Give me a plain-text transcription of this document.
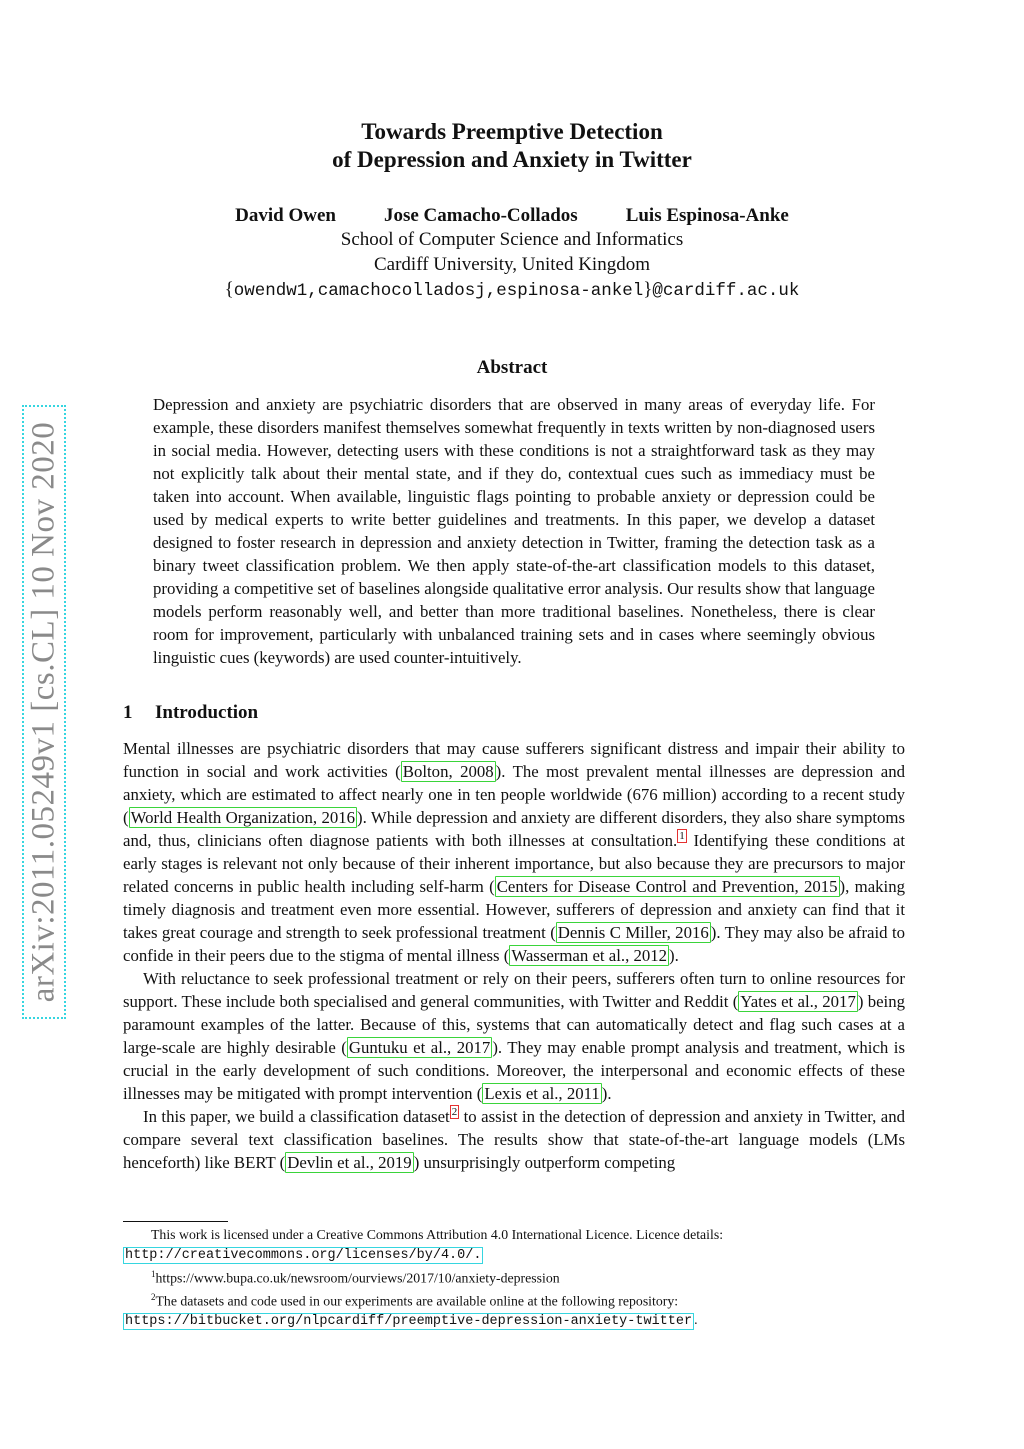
arXiv:2011.05249v1 [cs.CL] 10 Nov 2020
Towards Preemptive Detection
of Depression and Anxiety in Twitter
David Owen	Jose Camacho-Collados	Luis Espinosa-Anke
School of Computer Science and Informatics
Cardiff University, United Kingdom
{owendw1,camachocolladosj,espinosa-ankel}@cardiff.ac.uk
Abstract

Depression and anxiety are psychiatric disorders that are observed in many areas of everyday life. For example, these disorders manifest themselves somewhat frequently in texts written by non-diagnosed users in social media. However, detecting users with these conditions is not a straightforward task as they may not explicitly talk about their mental state, and if they do, contextual cues such as immediacy must be taken into account. When available, linguistic flags pointing to probable anxiety or depression could be used by medical experts to write better guidelines and treatments. In this paper, we develop a dataset designed to foster research in depression and anxiety detection in Twitter, framing the detection task as a binary tweet classification problem. We then apply state-of-the-art classification models to this dataset, providing a competitive set of baselines alongside qualitative error analysis. Our results show that language models perform reasonably well, and better than more traditional baselines. Nonetheless, there is clear room for improvement, particularly with unbalanced training sets and in cases where seemingly obvious linguistic cues (keywords) are used counter-intuitively.

1 Introduction

Mental illnesses are psychiatric disorders that may cause sufferers significant distress and impair their ability to function in social and work activities ( Bolton, 2008 ). The most prevalent mental illnesses are depression and anxiety, which are estimated to affect nearly one in ten people worldwide (676 million) according to a recent study ( World Health Organization, 2016 ). While depression and anxiety are different disorders, they also share symptoms and, thus, clinicians often diagnose patients with both illnesses at consultation. $^1$ Identifying these conditions at early stages is relevant not only because of their inherent importance, but also because they are precursors to major related concerns in public health including self-harm ( Centers for Disease Control and Prevention, 2015 ), making timely diagnosis and treatment even more essential. However, sufferers of depression and anxiety can find that it takes great courage and strength to seek professional treatment ( Dennis C Miller, 2016 ). They may also be afraid to confide in their peers due to the stigma of mental illness ( Wasserman et al., 2012 ).

With reluctance to seek professional treatment or rely on their peers, sufferers often turn to online resources for support. These include both specialised and general communities, with Twitter and Reddit ( Yates et al., 2017 ) being paramount examples of the latter. Because of this, systems that can automatically detect and flag such cases at a large-scale are highly desirable ( Guntuku et al., 2017 ). They may enable prompt analysis and treatment, which is crucial in the early development of such conditions. Moreover, the interpersonal and economic effects of these illnesses may be mitigated with prompt intervention ( Lexis et al., 2011 ).

In this paper, we build a classification dataset $^2$ to assist in the detection of depression and anxiety in Twitter, and compare several text classification baselines. The results show that state-of-the-art language models (LMs henceforth) like BERT ( Devlin et al., 2019 ) unsurprisingly outperform competing

This work is licensed under a Creative Commons Attribution 4.0 International Licence. Licence details:

http://creativecommons.org/licenses/by/4.0/.

$^1$https://www.bupa.co.uk/newsroom/ourviews/2017/10/anxiety-depression

$^2$The datasets and code used in our experiments are available online at the following repository:

https://bitbucket.org/nlpcardiff/preemptive-depression-anxiety-twitter .
